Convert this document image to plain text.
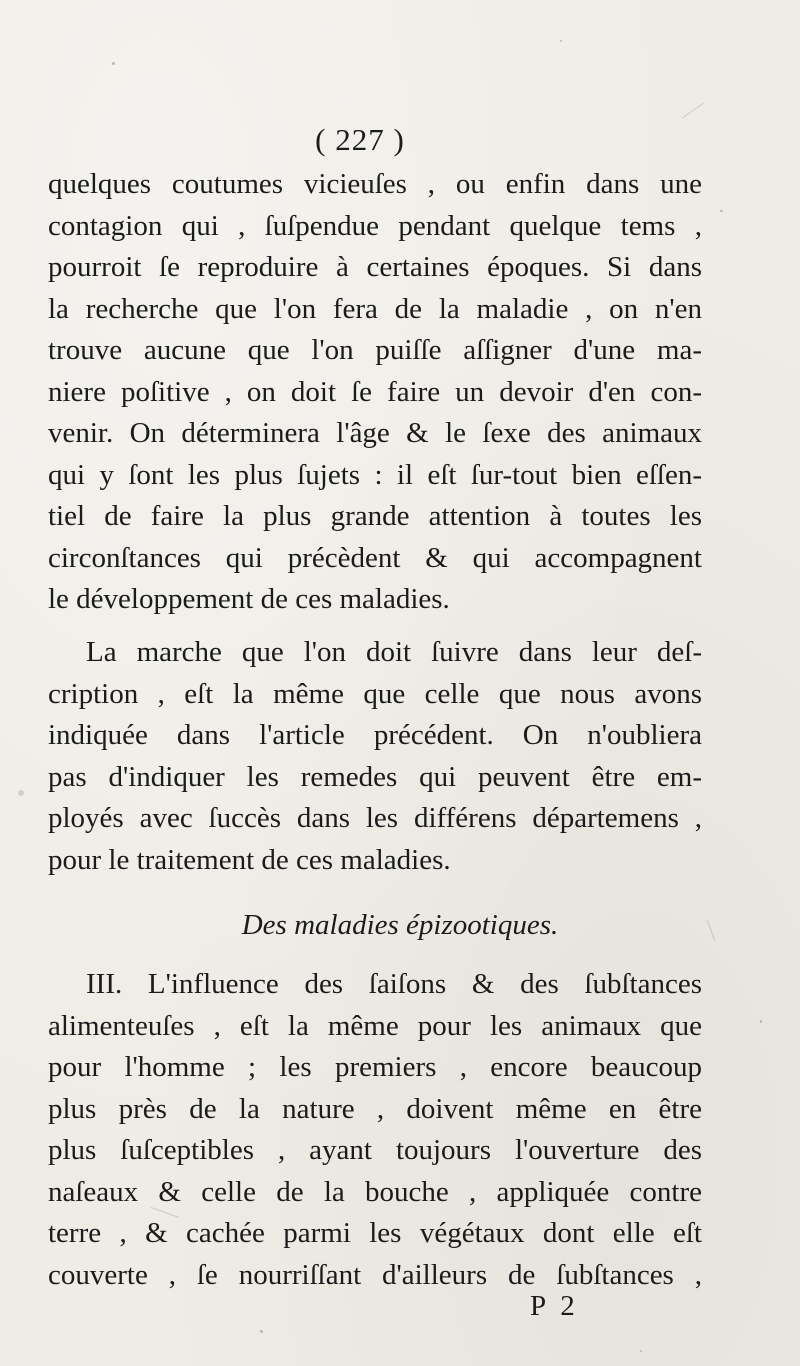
( 227 )
quelques coutumes vicieuſes , ou enfin dans une
contagion qui , ſuſpendue pendant quelque tems ,
pourroit ſe reproduire à certaines époques. Si dans
la recherche que l'on fera de la maladie , on n'en
trouve aucune que l'on puiſſe aſſigner d'une ma-
niere poſitive , on doit ſe faire un devoir d'en con-
venir. On déterminera l'âge & le ſexe des animaux
qui y ſont les plus ſujets : il eſt ſur-tout bien eſſen-
tiel de faire la plus grande attention à toutes les
circonſtances qui précèdent & qui accompagnent
le développement de ces maladies.
La marche que l'on doit ſuivre dans leur deſ-
cription , eſt la même que celle que nous avons
indiquée dans l'article précédent. On n'oubliera
pas d'indiquer les remedes qui peuvent être em-
ployés avec ſuccès dans les différens départemens ,
pour le traitement de ces maladies.
Des maladies épizootiques.
III. L'influence des ſaiſons & des ſubſtances
alimenteuſes , eſt la même pour les animaux que
pour l'homme ; les premiers , encore beaucoup
plus près de la nature , doivent même en être
plus ſuſceptibles , ayant toujours l'ouverture des
naſeaux & celle de la bouche , appliquée contre
terre , & cachée parmi les végétaux dont elle eſt
couverte , ſe nourriſſant d'ailleurs de ſubſtances ,
P 2
